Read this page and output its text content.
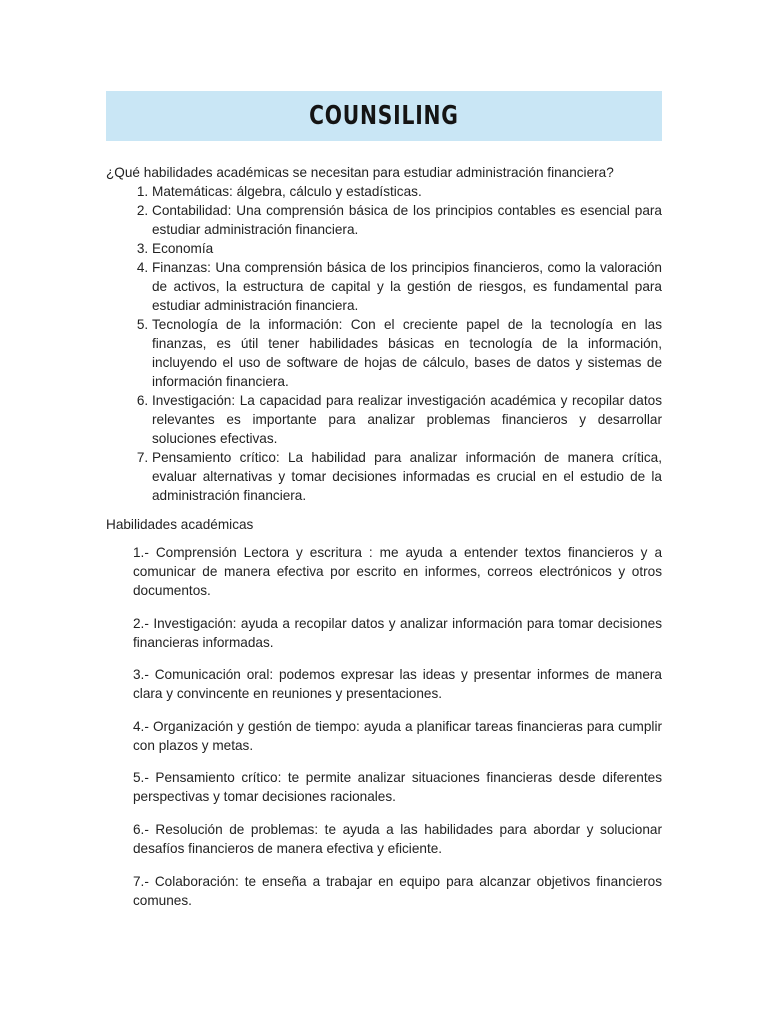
COUNSILING
¿Qué habilidades académicas se necesitan para estudiar administración financiera?
1. Matemáticas: álgebra, cálculo y estadísticas.
2. Contabilidad: Una comprensión básica de los principios contables es esencial para estudiar administración financiera.
3. Economía
4. Finanzas: Una comprensión básica de los principios financieros, como la valoración de activos, la estructura de capital y la gestión de riesgos, es fundamental para estudiar administración financiera.
5. Tecnología de la información: Con el creciente papel de la tecnología en las finanzas, es útil tener habilidades básicas en tecnología de la información, incluyendo el uso de software de hojas de cálculo, bases de datos y sistemas de información financiera.
6. Investigación: La capacidad para realizar investigación académica y recopilar datos relevantes es importante para analizar problemas financieros y desarrollar soluciones efectivas.
7. Pensamiento crítico: La habilidad para analizar información de manera crítica, evaluar alternativas y tomar decisiones informadas es crucial en el estudio de la administración financiera.
Habilidades académicas

1.- Comprensión Lectora y escritura : me ayuda a entender textos financieros y a comunicar de manera efectiva por escrito en informes, correos electrónicos y otros documentos.

2.- Investigación: ayuda a recopilar datos y analizar información para tomar decisiones financieras informadas.

3.- Comunicación oral: podemos expresar las ideas y presentar informes de manera clara y convincente en reuniones y presentaciones.

4.- Organización y gestión de tiempo: ayuda a planificar tareas financieras para cumplir con plazos y metas.

5.- Pensamiento crítico: te permite analizar situaciones financieras desde diferentes perspectivas y tomar decisiones racionales.

6.- Resolución de problemas: te ayuda a las habilidades para abordar y solucionar desafíos financieros de manera efectiva y eficiente.

7.- Colaboración: te enseña a trabajar en equipo para alcanzar objetivos financieros comunes.
